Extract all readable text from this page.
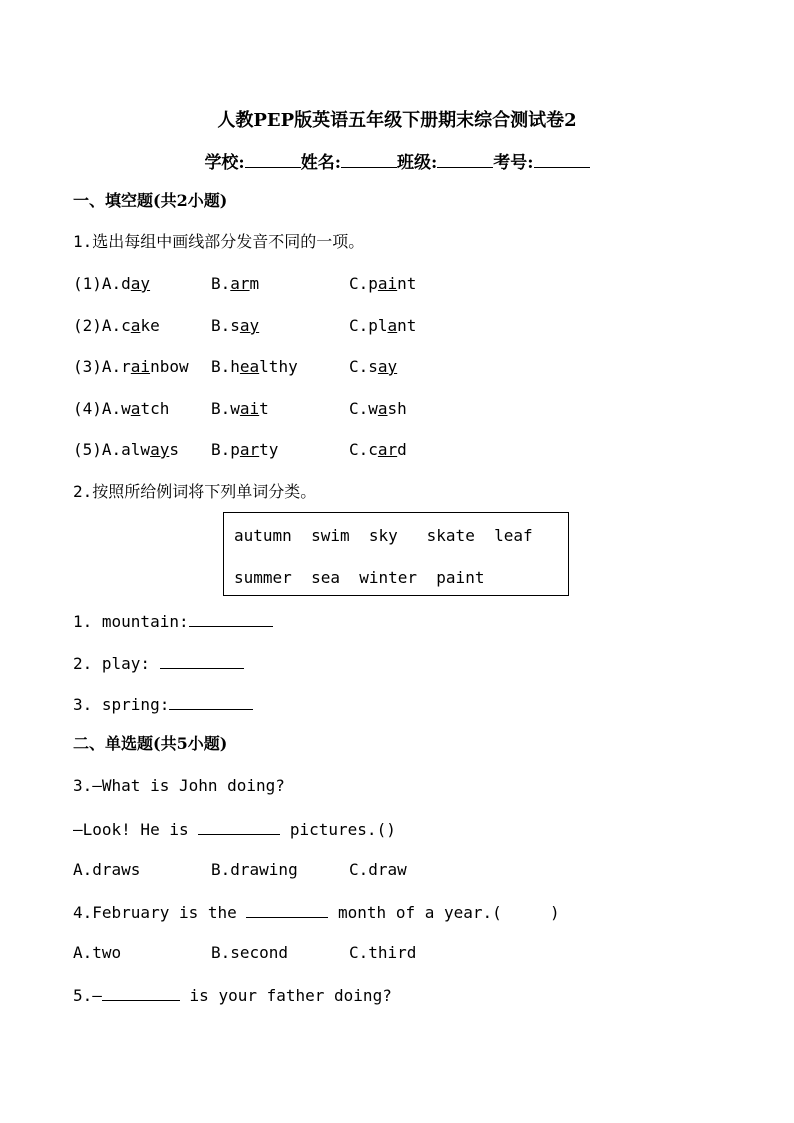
人教PEP版英语五年级下册期末综合测试卷2
学校:	姓名:	班级:	考号:
一、填空题(共2小题)
1.选出每组中画线部分发音不同的一项。
(1)A.day	B.arm	C.paint
(2)A.cake	B.say	C.plant
(3)A.rainbow B.healthy	C.say
(4)A.watch	B.wait	C.wash
(5)A.always B.party	C.card
2.按照所给例词将下列单词分类。
autumn  swim  sky   skate  leaf
summer  sea  winter  paint
1. mountain:
2. play:
3. spring:
二、单选题(共5小题)
3.—What is John doing?
—Look! He is	pictures.()
A.draws	B.drawing	C.draw
4.February is the	month of a year.(     )
A.two	B.second	C.third
5.—	is your father doing?
